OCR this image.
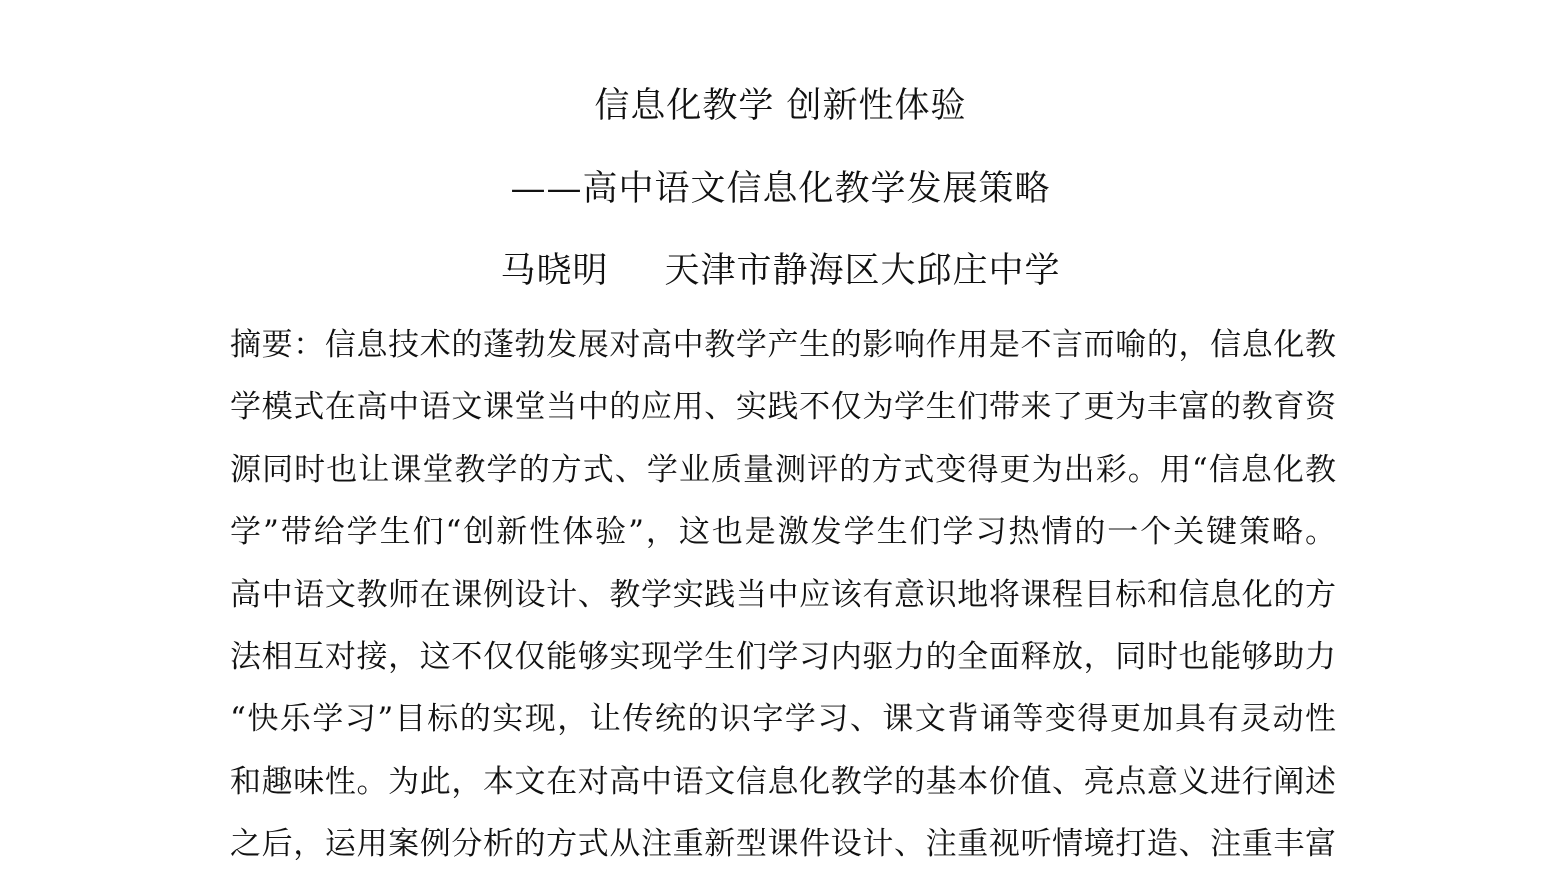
信息化教学 创新性体验
——高中语文信息化教学发展策略
马晓明 天津市静海区大邱庄中学
摘要：信息技术的蓬勃发展对高中教学产生的影响作用是不言而喻的，信息化教
学模式在高中语文课堂当中的应用、实践不仅为学生们带来了更为丰富的教育资
源同时也让课堂教学的方式、学业质量测评的方式变得更为出彩。用“信息化教
学”带给学生们“创新性体验”，这也是激发学生们学习热情的一个关键策略。
高中语文教师在课例设计、教学实践当中应该有意识地将课程目标和信息化的方
法相互对接，这不仅仅能够实现学生们学习内驱力的全面释放，同时也能够助力
“快乐学习”目标的实现，让传统的识字学习、课文背诵等变得更加具有灵动性
和趣味性。为此，本文在对高中语文信息化教学的基本价值、亮点意义进行阐述
之后，运用案例分析的方式从注重新型课件设计、注重视听情境打造、注重丰富
